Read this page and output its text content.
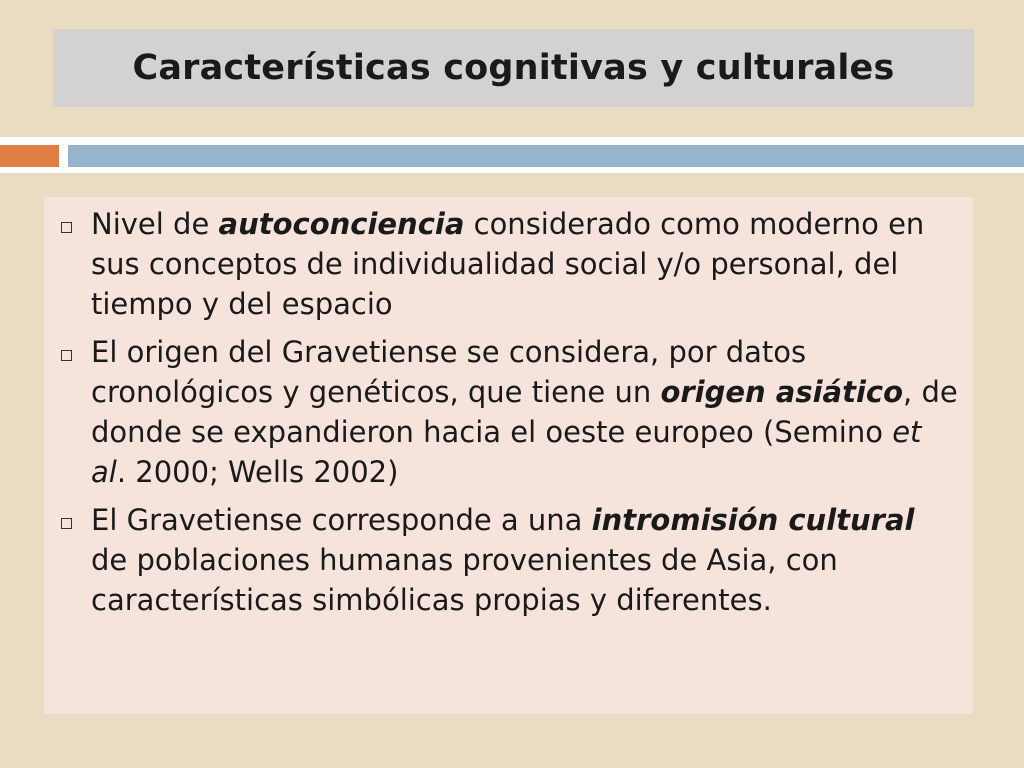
Características cognitivas y culturales
Nivel de autoconciencia considerado como moderno en sus conceptos de individualidad social y/o personal, del tiempo y del espacio
El origen del Gravetiense se considera, por datos cronológicos y genéticos, que tiene un origen asiático, de donde se expandieron hacia el oeste europeo (Semino et al. 2000; Wells 2002)
El Gravetiense corresponde a una intromisión cultural de poblaciones humanas provenientes de Asia, con características simbólicas propias y diferentes.
